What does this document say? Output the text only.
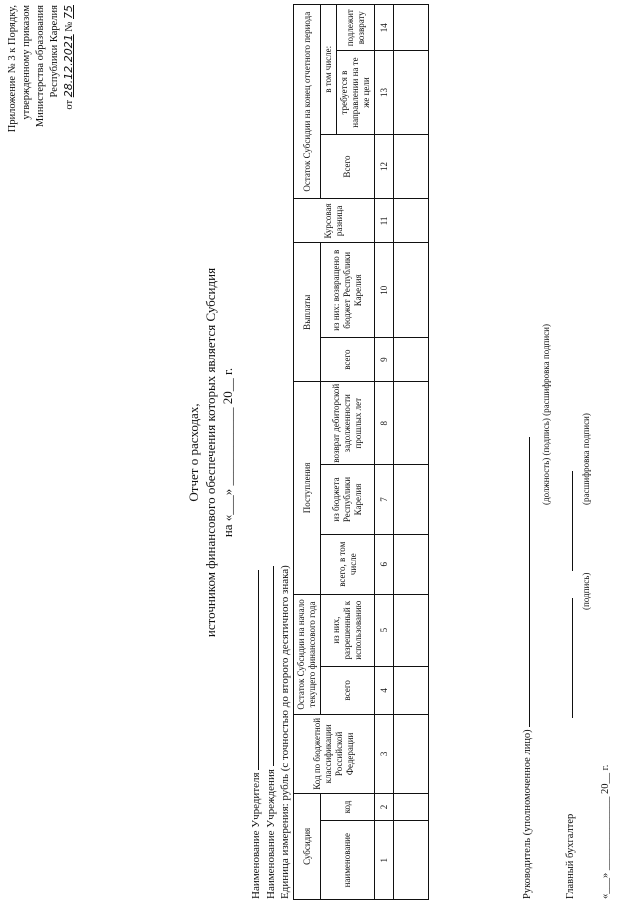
Приложение № 3 к Порядку, утвержденному приказом Министерства образования Республики Карелия
от 28.12.2021 № 75
Отчет о расходах, источником финансового обеспечения которых является Субсидия на «___» ____________ 20__ г.
Наименование Учредителя Наименование Учреждения Единица измерения: рубль (с точностью до второго десятичного знака) Субсидия		Код по бюджетной классификации Российской Федерации	Остаток Субсидии на начало текущего финансового года		Поступления			Выплаты		Курсовая разница	Остаток Субсидии на конец отчетного периода		
наименование	код		всего	из них, разрешенный к использованию	всего, в том числе	из бюджета Республики Карелия	возврат дебиторской задолженности прошлых лет	всего	из них: возвращено в бюджет Республики Карелия		Всего	в том числе:	
												требуется в направлении на те же цели	подлежит возврату
1	2	3	4	5	6	7	8	9	10	11	12	13	14

Руководитель (уполномоченное лицо)
(должность) (подпись) (расшифровка подписи)
Главный бухгалтер
(подпись)
(расшифровка подписи)
«___» ______________ 20__ г.
